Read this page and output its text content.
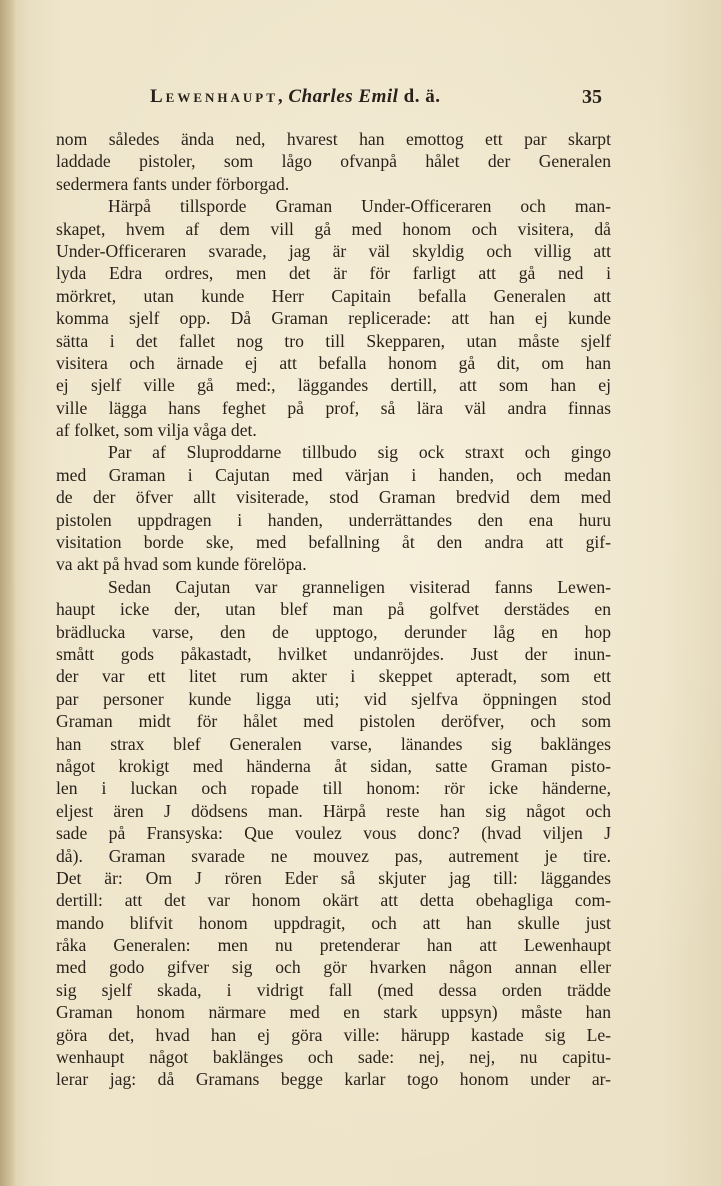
Lewenhaupt, Charles Emil d. ä.	35
nom således ända ned, hvarest han emottog ett par skarpt
laddade pistoler, som lågo ofvanpå hålet der Generalen
sedermera fants under förborgad.
Härpå tillsporde Graman Under-Officeraren och man-
skapet, hvem af dem vill gå med honom och visitera, då
Under-Officeraren svarade, jag är väl skyldig och villig att
lyda Edra ordres, men det är för farligt att gå ned i
mörkret, utan kunde Herr Capitain befalla Generalen att
komma sjelf opp. Då Graman replicerade: att han ej kunde
sätta i det fallet nog tro till Skepparen, utan måste sjelf
visitera och ärnade ej att befalla honom gå dit, om han
ej sjelf ville gå med:, läggandes dertill, att som han ej
ville lägga hans feghet på prof, så lära väl andra finnas
af folket, som vilja våga det.
Par af Sluproddarne tillbudo sig ock straxt och gingo
med Graman i Cajutan med värjan i handen, och medan
de der öfver allt visiterade, stod Graman bredvid dem med
pistolen uppdragen i handen, underrättandes den ena huru
visitation borde ske, med befallning åt den andra att gif-
va akt på hvad som kunde förelöpa.
Sedan Cajutan var granneligen visiterad fanns Lewen-
haupt icke der, utan blef man på golfvet derstädes en
brädlucka varse, den de upptogo, derunder låg en hop
smått gods påkastadt, hvilket undanröjdes. Just der inun-
der var ett litet rum akter i skeppet apteradt, som ett
par personer kunde ligga uti; vid sjelfva öppningen stod
Graman midt för hålet med pistolen deröfver, och som
han strax blef Generalen varse, länandes sig baklänges
något krokigt med händerna åt sidan, satte Graman pisto-
len i luckan och ropade till honom: rör icke händerne,
eljest ären J dödsens man. Härpå reste han sig något och
sade på Fransyska: Que voulez vous donc? (hvad viljen J
då). Graman svarade ne mouvez pas, autrement je tire.
Det är: Om J rören Eder så skjuter jag till: läggandes
dertill: att det var honom okärt att detta obehagliga com-
mando blifvit honom uppdragit, och att han skulle just
råka Generalen: men nu pretenderar han att Lewenhaupt
med godo gifver sig och gör hvarken någon annan eller
sig sjelf skada, i vidrigt fall (med dessa orden trädde
Graman honom närmare med en stark uppsyn) måste han
göra det, hvad han ej göra ville: härupp kastade sig Le-
wenhaupt något baklänges och sade: nej, nej, nu capitu-
lerar jag: då Gramans begge karlar togo honom under ar-
